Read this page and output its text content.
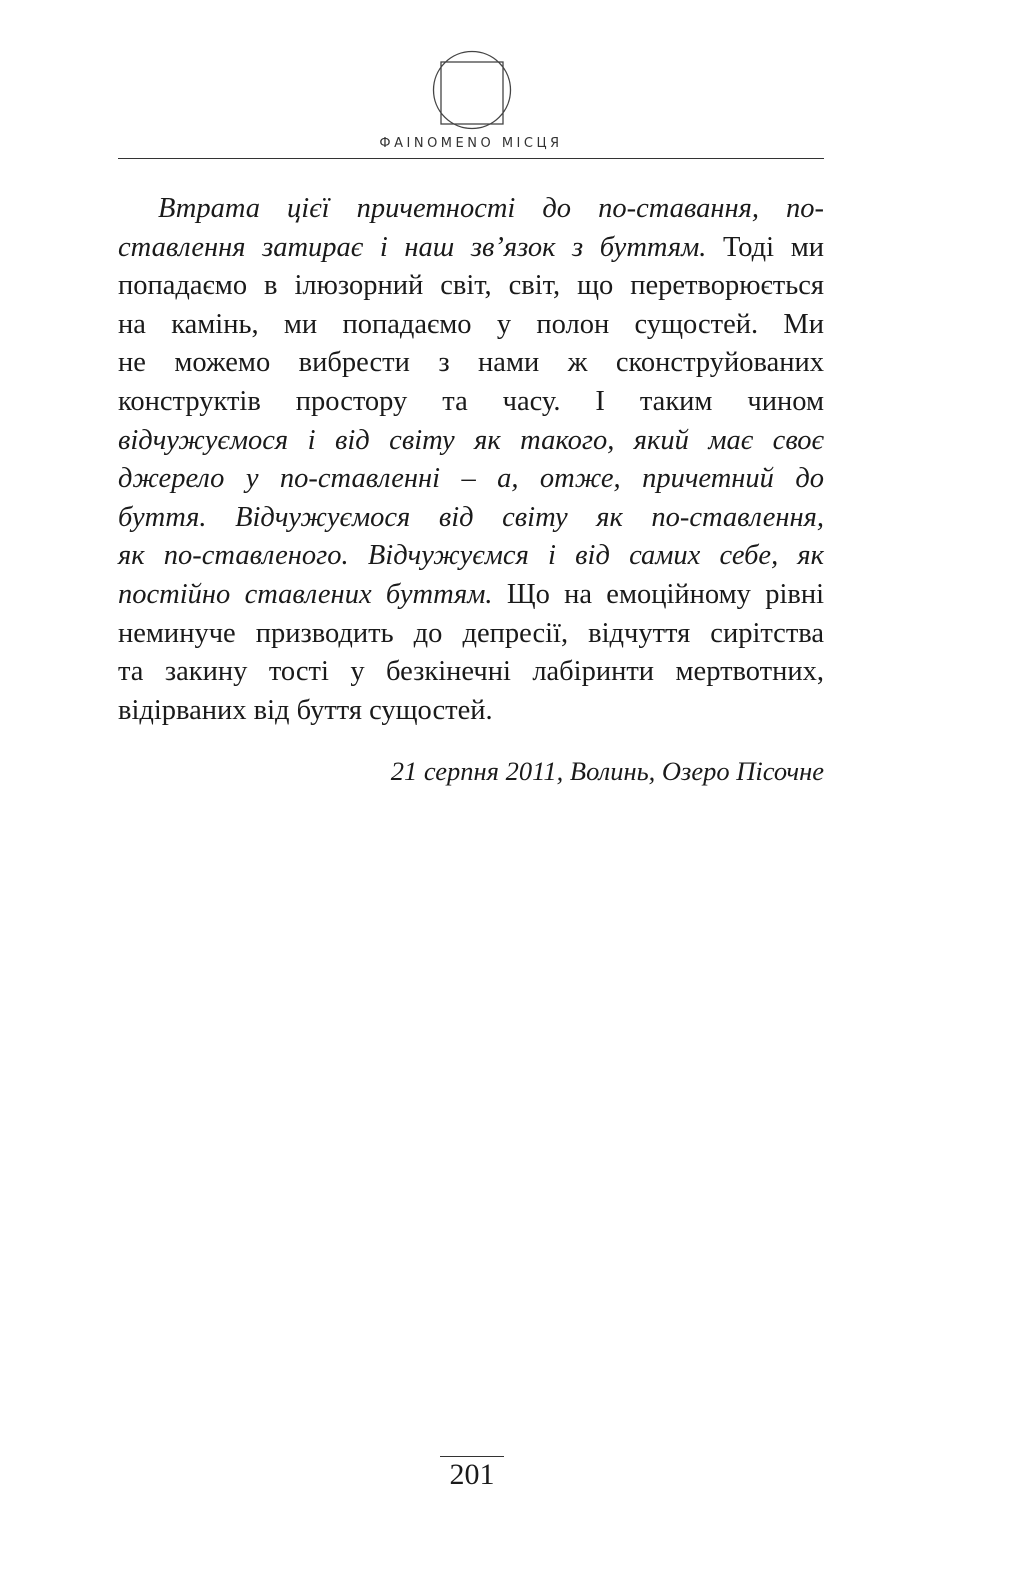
ФAINOMENO МІСЦЯ
Втрата цієї причетності до по-ставання, по-
ставлення затирає і наш зв’язок з буттям. Тоді ми
попадаємо в ілюзорний світ, світ, що перетворюється
на камінь, ми попадаємо у полон сущостей. Ми
не можемо вибрести з нами ж сконструйованих
конструктів простору та часу. І таким чином
відчужуємося і від світу як такого, який має своє
джерело у по-ставленні – а, отже, причетний до
буття. Відчужуємося від світу як по-ставлення,
як по-ставленого. Відчужуємся і від самих себе, як
постійно ставлених буттям. Що на емоційному рівні
неминуче призводить до депресії, відчуття сирітства
та закину тості у безкінечні лабіринти мертвотних,
відірваних від буття сущостей.
21 серпня 2011, Волинь, Озеро Пісочне
201
